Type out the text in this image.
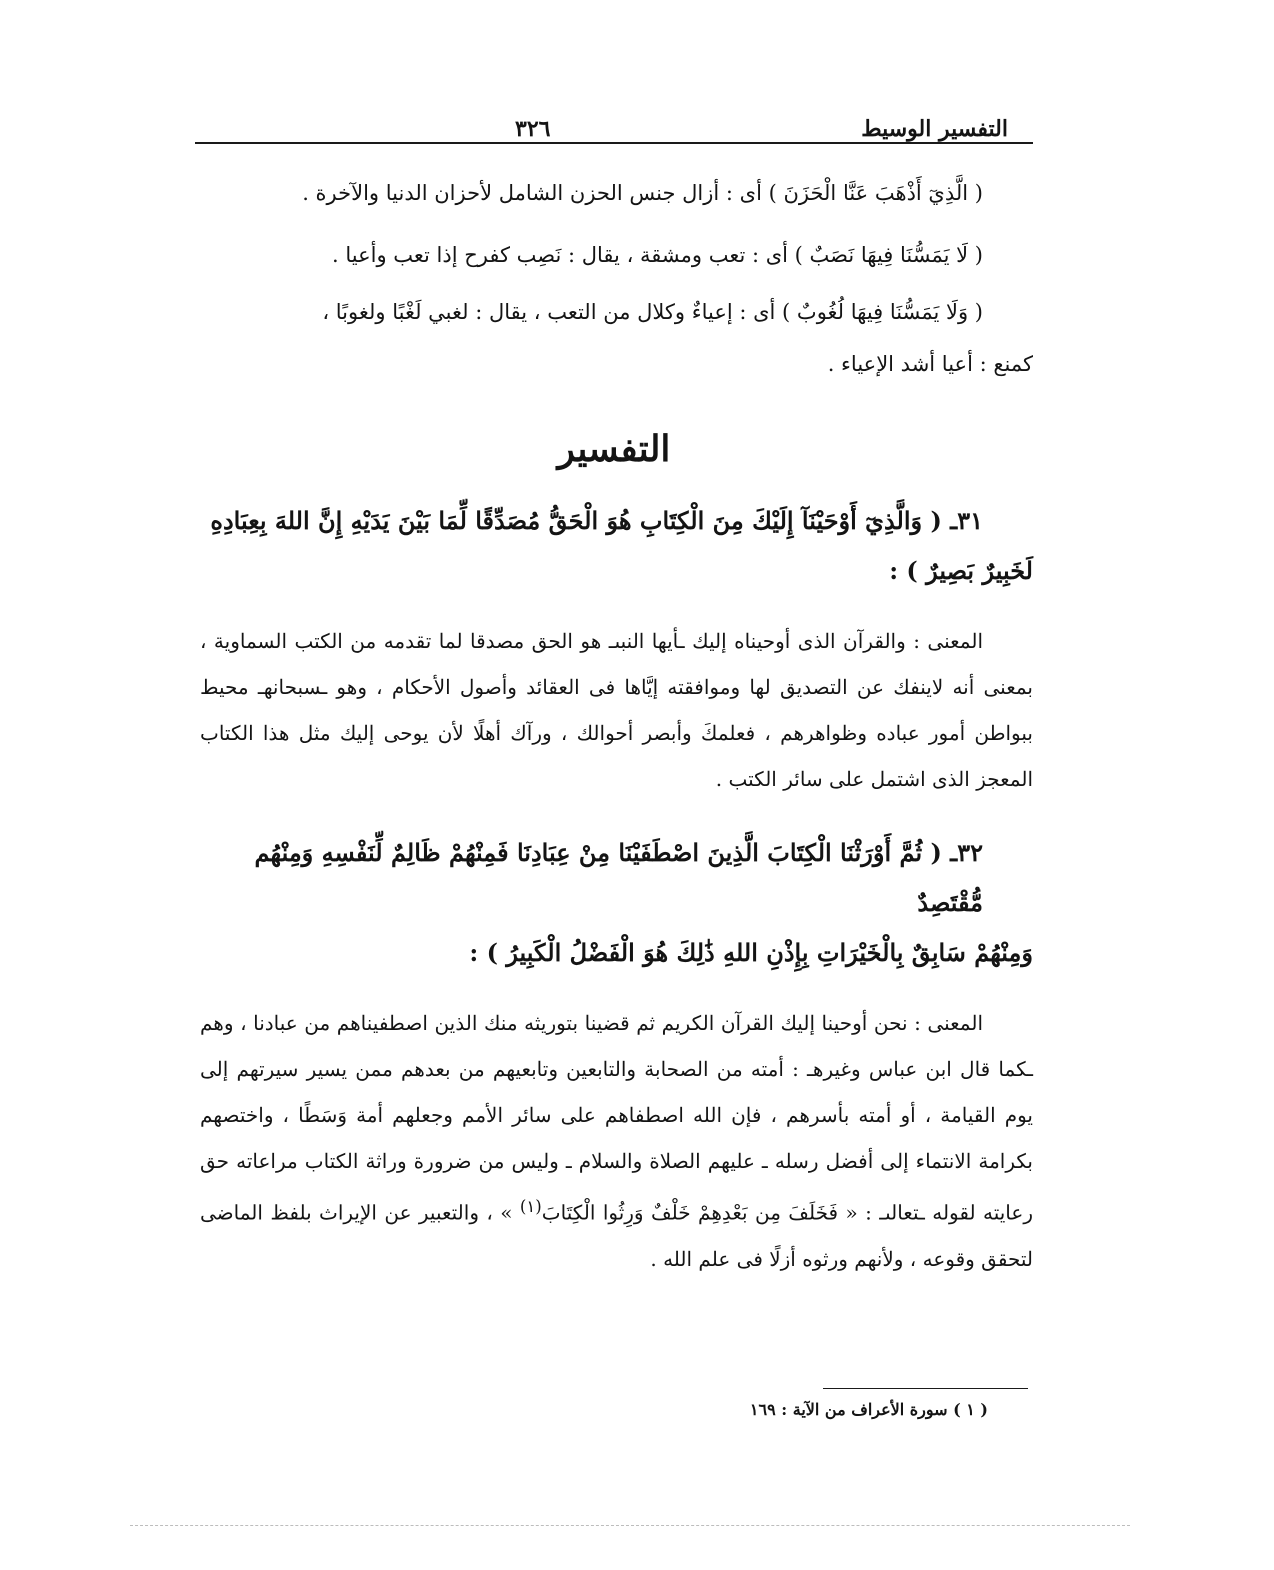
التفسير الوسيط
٣٢٦

( الَّذِيٓ أَذْهَبَ عَنَّا الْحَزَنَ ) أى : أزال جنس الحزن الشامل لأحزان الدنيا والآخرة .

( لَا يَمَسُّنَا فِيهَا نَصَبٌ ) أى : تعب ومشقة ، يقال : نَصِب كفرح إذا تعب وأعيا .

( وَلَا يَمَسُّنَا فِيهَا لُغُوبٌ ) أى : إعياءٌ وكلال من التعب ، يقال : لغبي لَغْبًا ولغوبًا ،
كمنع : أعيا أشد الإعياء .

التفسير

٣١ـ ( وَالَّذِيٓ أَوْحَيْنَآ إِلَيْكَ مِنَ الْكِتَابِ هُوَ الْحَقُّ مُصَدِّقًا لِّمَا بَيْنَ يَدَيْهِ إِنَّ اللهَ بِعِبَادِهِ
لَخَبِيرٌ بَصِيرٌ ) :

المعنى : والقرآن الذى أوحيناه إليك ـأيها النبىـ هو الحق مصدقا لما تقدمه من الكتب السماوية ، بمعنى أنه لاينفك عن التصديق لها وموافقته إيَّاها فى العقائد وأصول الأحكام ، وهو ـسبحانهـ محيط ببواطن أمور عباده وظواهرهم ، فعلمكَ وأبصر أحوالك ، ورآك أهلًا لأن يوحى إليك مثل هذا الكتاب المعجز الذى اشتمل على سائر الكتب .

٣٢ـ ( ثُمَّ أَوْرَثْنَا الْكِتَابَ الَّذِينَ اصْطَفَيْنَا مِنْ عِبَادِنَا فَمِنْهُمْ ظَالِمٌ لِّنَفْسِهِ وَمِنْهُم مُّقْتَصِدٌ
وَمِنْهُمْ سَابِقٌ بِالْخَيْرَاتِ بِإِذْنِ اللهِ ذَٰلِكَ هُوَ الْفَضْلُ الْكَبِيرُ ) :

المعنى : نحن أوحينا إليك القرآن الكريم ثم قضينا بتوريثه منك الذين اصطفيناهم من عبادنا ، وهم ـكما قال ابن عباس وغيرهـ : أمته من الصحابة والتابعين وتابعيهم من بعدهم ممن يسير سيرتهم إلى يوم القيامة ، أو أمته بأسرهم ، فإن الله اصطفاهم على سائر الأمم وجعلهم أمة وَسَطًا ، واختصهم بكرامة الانتماء إلى أفضل رسله ـ عليهم الصلاة والسلام ـ وليس من ضرورة وراثة الكتاب مراعاته حق رعايته لقوله ـتعالىـ : « فَخَلَفَ مِن بَعْدِهِمْ خَلْفٌ وَرِثُوا الْكِتَابَ$^{(١)}$ » ، والتعبير عن الإيراث بلفظ الماضى لتحقق وقوعه ، ولأنهم ورثوه أزلًا فى علم الله .

( ١ ) سورة الأعراف من الآية : ١٦٩
